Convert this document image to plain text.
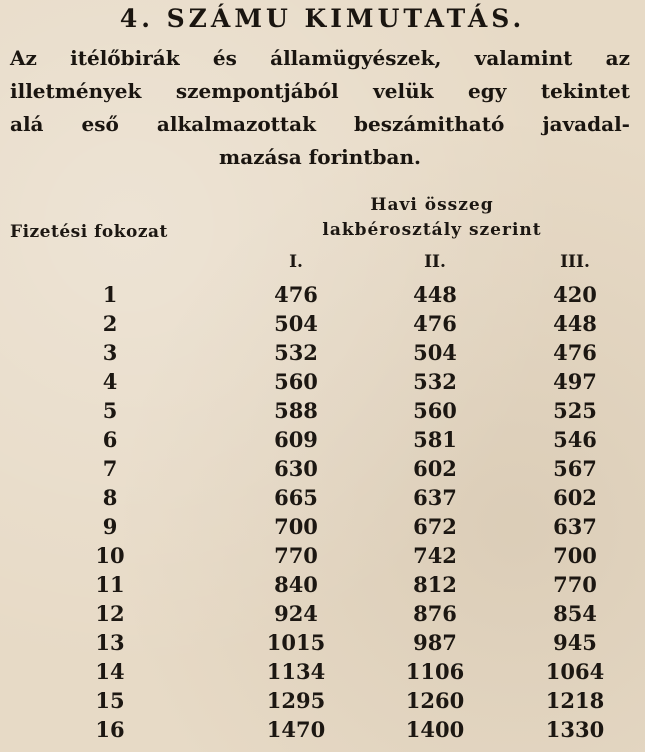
4. SZÁMU KIMUTATÁS.
Az itélőbirák és államügyészek, valamint az
illetmények szempontjából velük egy tekintet
alá eső alkalmazottak beszámitható javadal-
mazása forintban.
Fizetési fokozat
Havi összeg
lakbérosztály szerint
I.	II.	III.
1	476	448	420
2	504	476	448
3	532	504	476
4	560	532	497
5	588	560	525
6	609	581	546
7	630	602	567
8	665	637	602
9	700	672	637
10	770	742	700
11	840	812	770
12	924	876	854
13	1015	987	945
14	1134	1106	1064
15	1295	1260	1218
16	1470	1400	1330
